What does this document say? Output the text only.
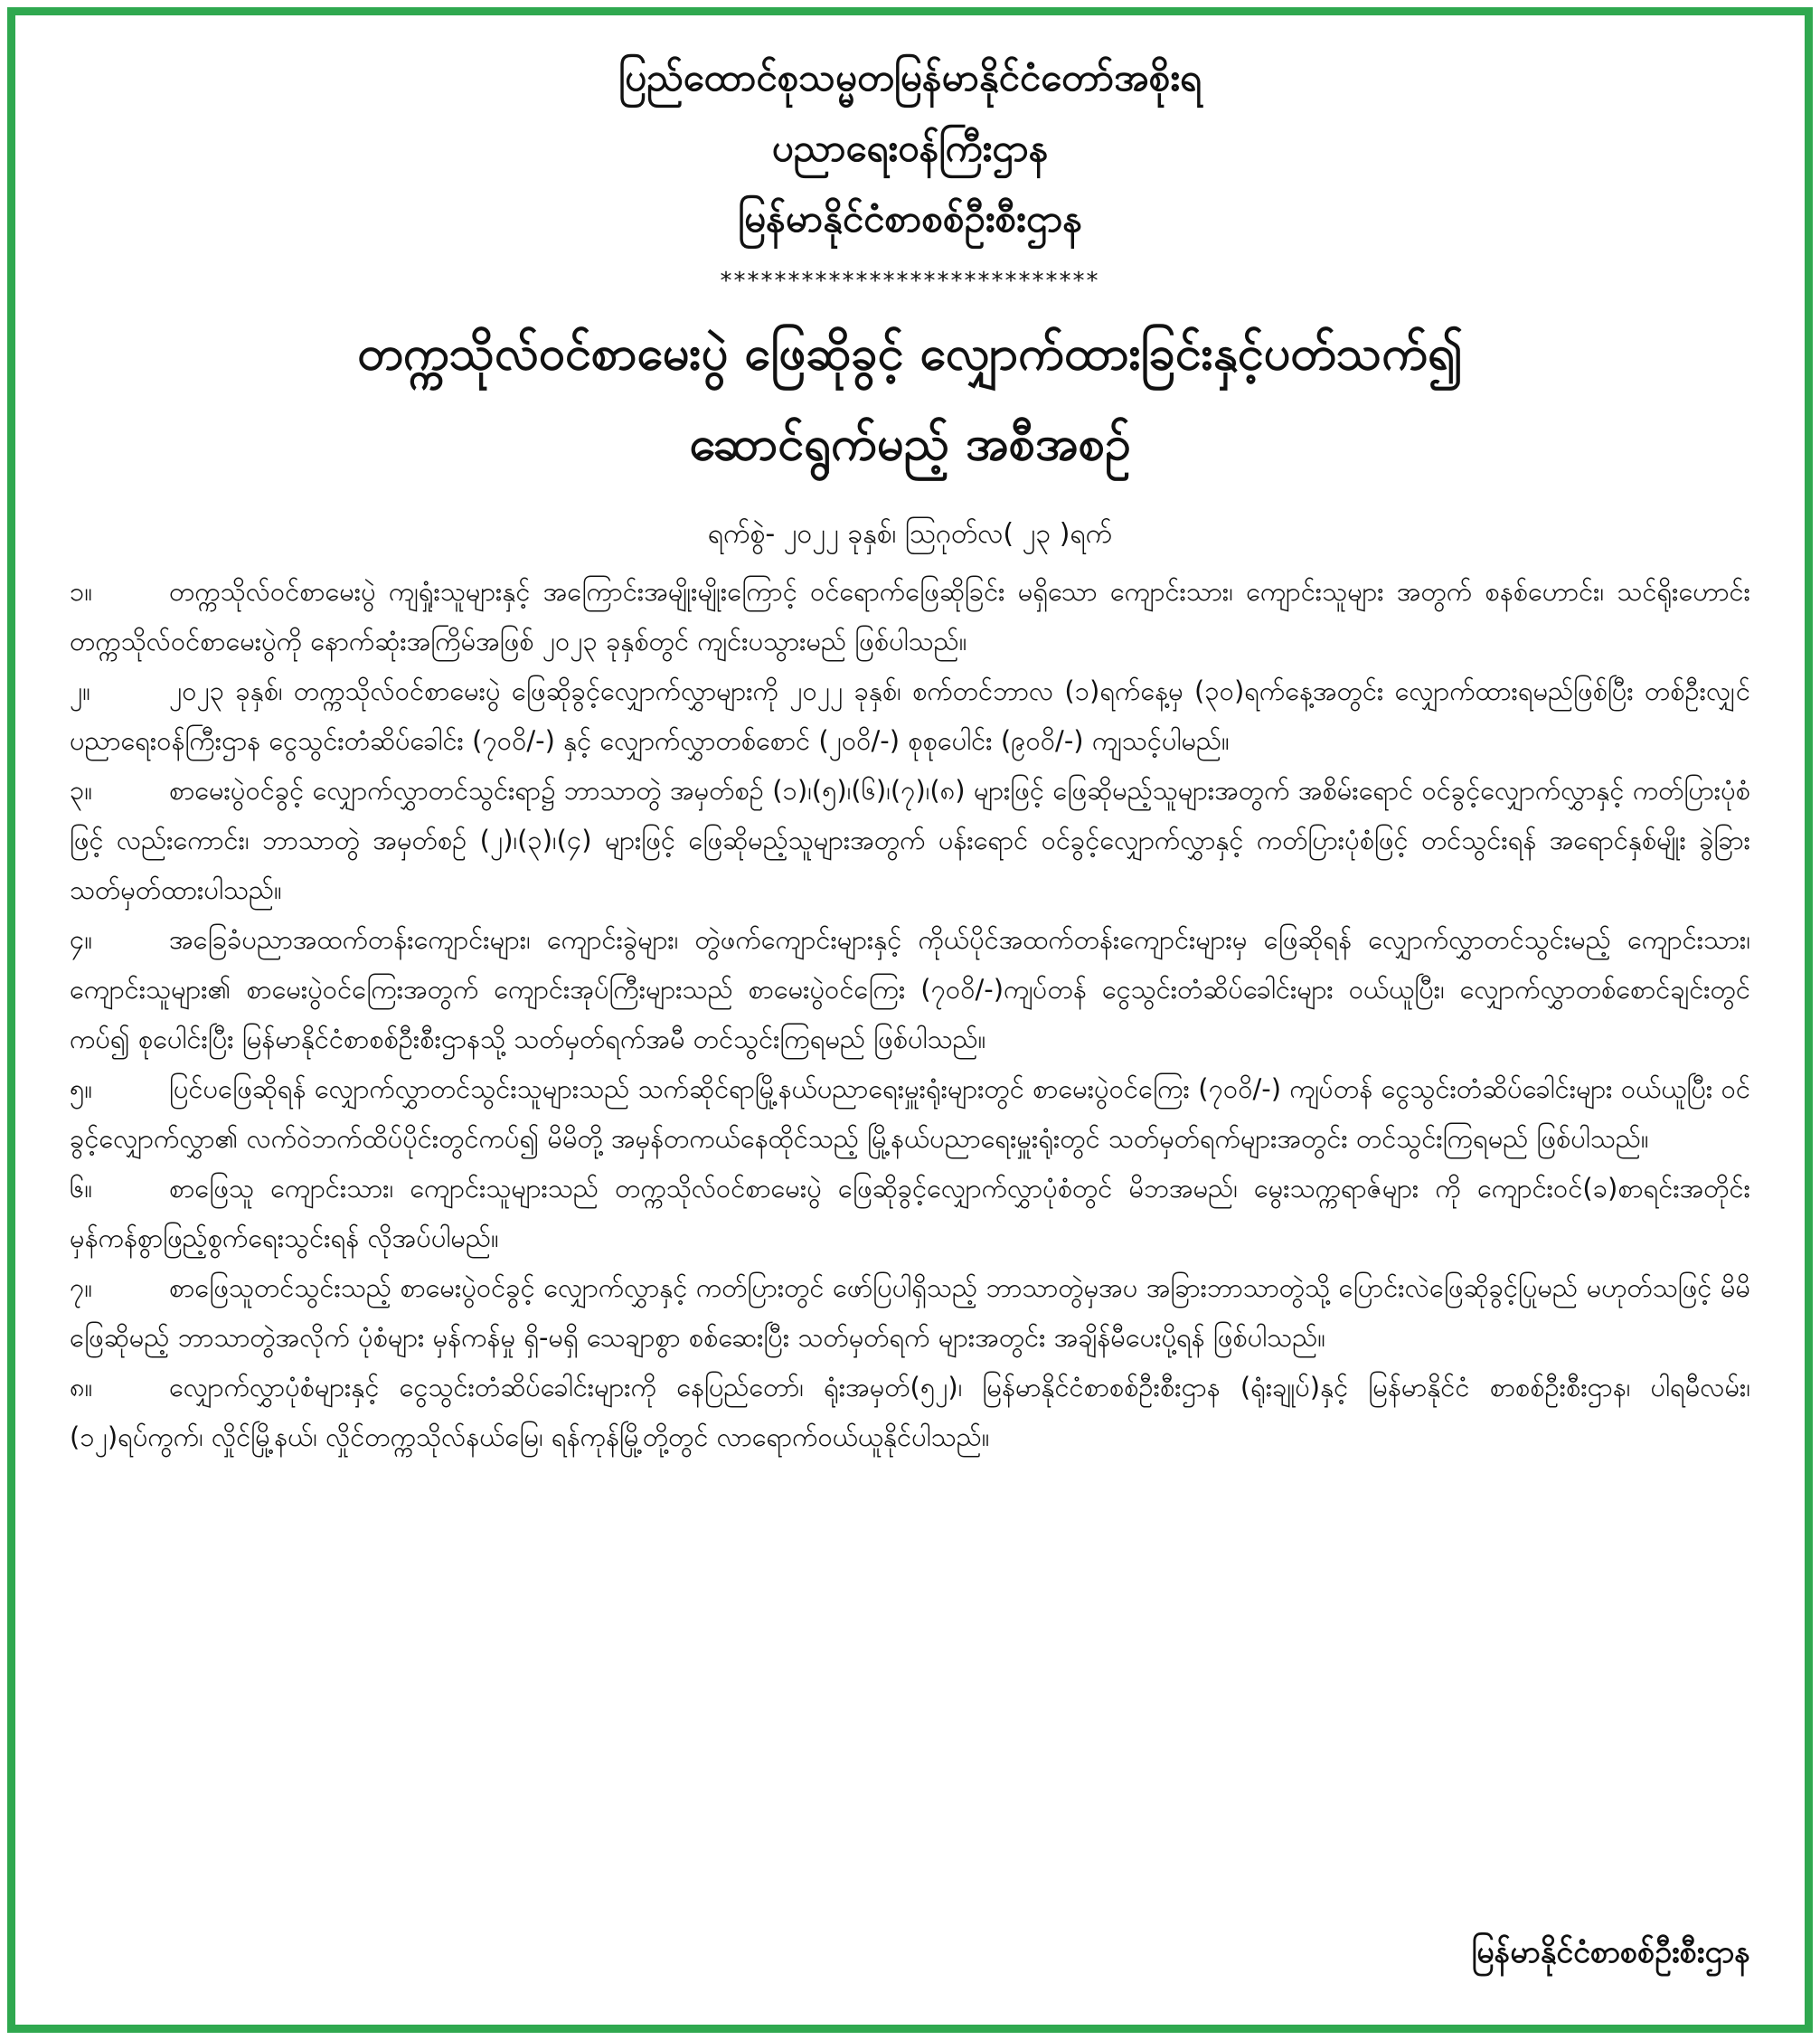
ပြည်ထောင်စုသမ္မတမြန်မာနိုင်ငံတော်အစိုးရ

ပညာရေးဝန်ကြီးဌာန

မြန်မာနိုင်ငံစာစစ်ဦးစီးဌာန

****************************

တက္ကသိုလ်ဝင်စာမေးပွဲ ဖြေဆိုခွင့် လျှောက်ထားခြင်းနှင့်ပတ်သက်၍

ဆောင်ရွက်မည့် အစီအစဉ်

ရက်စွဲ- ၂၀၂၂ ခုနှစ်၊ ဩဂုတ်လ( ၂၃ )ရက်

၁။	တက္ကသိုလ်ဝင်စာမေးပွဲ ကျရှုံးသူများနှင့် အကြောင်းအမျိုးမျိုးကြောင့် ဝင်ရောက်ဖြေဆိုခြင်း မရှိသော ကျောင်းသား၊ ကျောင်းသူများ အတွက် စနစ်ဟောင်း၊ သင်ရိုးဟောင်း တက္ကသိုလ်ဝင်စာမေးပွဲကို နောက်ဆုံးအကြိမ်အဖြစ် ၂၀၂၃ ခုနှစ်တွင် ကျင်းပသွားမည် ဖြစ်ပါသည်။

၂။	၂၀၂၃ ခုနှစ်၊ တက္ကသိုလ်ဝင်စာမေးပွဲ ဖြေဆိုခွင့်လျှောက်လွှာများကို ၂၀၂၂ ခုနှစ်၊ စက်တင်ဘာလ (၁)ရက်နေ့မှ (၃၀)ရက်နေ့အတွင်း လျှောက်ထားရမည်ဖြစ်ပြီး တစ်ဦးလျှင် ပညာရေးဝန်ကြီးဌာန ငွေသွင်းတံဆိပ်ခေါင်း (၇၀ဝိ/-) နှင့် လျှောက်လွှာတစ်စောင် (၂၀ဝိ/-) စုစုပေါင်း (၉၀ဝိ/-) ကျသင့်ပါမည်။

၃။	စာမေးပွဲဝင်ခွင့် လျှောက်လွှာတင်သွင်းရာ၌ ဘာသာတွဲ အမှတ်စဉ် (၁)၊(၅)၊(၆)၊(၇)၊(၈) များဖြင့် ဖြေဆိုမည့်သူများအတွက် အစိမ်းရောင် ဝင်ခွင့်လျှောက်လွှာနှင့် ကတ်ပြားပုံစံဖြင့် လည်းကောင်း၊ ဘာသာတွဲ အမှတ်စဉ် (၂)၊(၃)၊(၄) များဖြင့် ဖြေဆိုမည့်သူများအတွက် ပန်းရောင် ဝင်ခွင့်လျှောက်လွှာနှင့် ကတ်ပြားပုံစံဖြင့် တင်သွင်းရန် အရောင်နှစ်မျိုး ခွဲခြားသတ်မှတ်ထားပါသည်။

၄။	အခြေခံပညာအထက်တန်းကျောင်းများ၊ ကျောင်းခွဲများ၊ တွဲဖက်ကျောင်းများနှင့် ကိုယ်ပိုင်အထက်တန်းကျောင်းများမှ ဖြေဆိုရန် လျှောက်လွှာတင်သွင်းမည့် ကျောင်းသား၊ ကျောင်းသူများ၏ စာမေးပွဲဝင်ကြေးအတွက် ကျောင်းအုပ်ကြီးများသည် စာမေးပွဲဝင်ကြေး (၇၀ဝိ/-)ကျပ်တန် ငွေသွင်းတံဆိပ်ခေါင်းများ ဝယ်ယူပြီး၊ လျှောက်လွှာတစ်စောင်ချင်းတွင်ကပ်၍ စုပေါင်းပြီး မြန်မာနိုင်ငံစာစစ်ဦးစီးဌာနသို့ သတ်မှတ်ရက်အမီ တင်သွင်းကြရမည် ဖြစ်ပါသည်။

၅။	ပြင်ပဖြေဆိုရန် လျှောက်လွှာတင်သွင်းသူများသည် သက်ဆိုင်ရာမြို့နယ်ပညာရေးမှူးရုံးများတွင် စာမေးပွဲဝင်ကြေး (၇၀ဝိ/-) ကျပ်တန် ငွေသွင်းတံဆိပ်ခေါင်းများ ဝယ်ယူပြီး ဝင်ခွင့်လျှောက်လွှာ၏ လက်ဝဲဘက်ထိပ်ပိုင်းတွင်ကပ်၍ မိမိတို့ အမှန်တကယ်နေထိုင်သည့် မြို့နယ်ပညာရေးမှူးရုံးတွင် သတ်မှတ်ရက်များအတွင်း တင်သွင်းကြရမည် ဖြစ်ပါသည်။

၆။	စာဖြေသူ ကျောင်းသား၊ ကျောင်းသူများသည် တက္ကသိုလ်ဝင်စာမေးပွဲ ဖြေဆိုခွင့်လျှောက်လွှာပုံစံတွင် မိဘအမည်၊ မွေးသက္ကရာဇ်များ ကို ကျောင်းဝင်(ခ)စာရင်းအတိုင်း မှန်ကန်စွာဖြည့်စွက်ရေးသွင်းရန် လိုအပ်ပါမည်။

၇။	စာဖြေသူတင်သွင်းသည့် စာမေးပွဲဝင်ခွင့် လျှောက်လွှာနှင့် ကတ်ပြားတွင် ဖော်ပြပါရှိသည့် ဘာသာတွဲမှအပ အခြားဘာသာတွဲသို့ ပြောင်းလဲဖြေဆိုခွင့်ပြုမည် မဟုတ်သဖြင့် မိမိဖြေဆိုမည့် ဘာသာတွဲအလိုက် ပုံစံများ မှန်ကန်မှု ရှိ-မရှိ သေချာစွာ စစ်ဆေးပြီး သတ်မှတ်ရက် များအတွင်း အချိန်မီပေးပို့ရန် ဖြစ်ပါသည်။

၈။	လျှောက်လွှာပုံစံများနှင့် ငွေသွင်းတံဆိပ်ခေါင်းများကို နေပြည်တော်၊ ရုံးအမှတ်(၅၂)၊ မြန်မာနိုင်ငံစာစစ်ဦးစီးဌာန (ရုံးချုပ်)နှင့် မြန်မာနိုင်ငံ စာစစ်ဦးစီးဌာန၊ ပါရမီလမ်း၊ (၁၂)ရပ်ကွက်၊ လှိုင်မြို့နယ်၊ လှိုင်တက္ကသိုလ်နယ်မြေ၊ ရန်ကုန်မြို့တို့တွင် လာရောက်ဝယ်ယူနိုင်ပါသည်။

မြန်မာနိုင်ငံစာစစ်ဦးစီးဌာန
